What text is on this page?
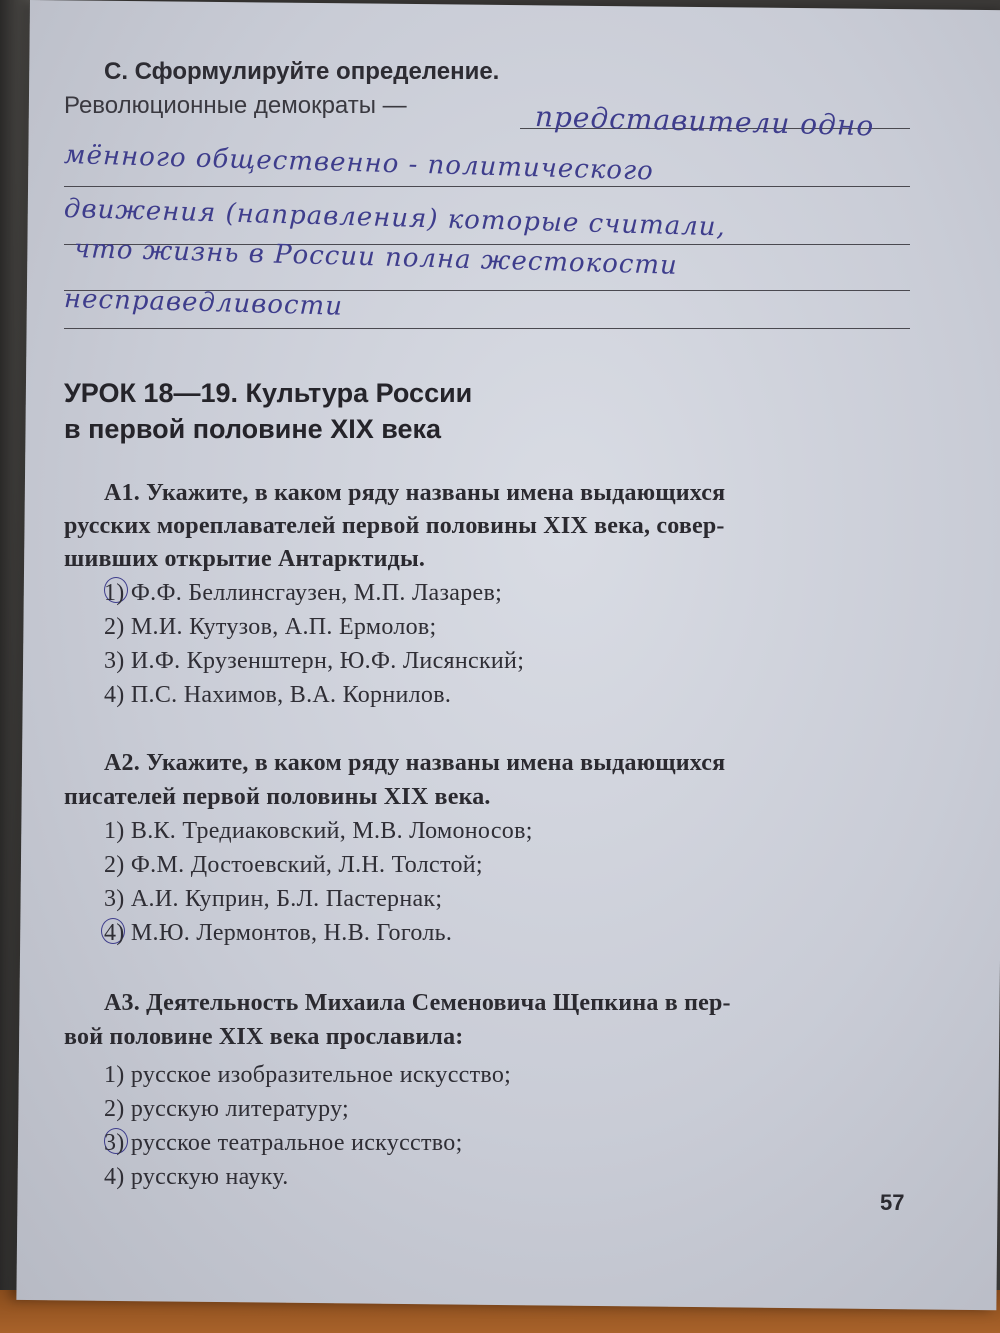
С. Сформулируйте определение.
Революционные демократы —	представители одно
мённого общественно - политического
движения (направления) которые считали,
что жизнь в России полна жестокости
несправедливости
УРОК 18—19. Культура России
в первой половине XIX века
А1. Укажите, в каком ряду названы имена выдающихся
русских мореплавателей первой половины XIX века, совер-
шивших открытие Антарктиды.
1) Ф.Ф. Беллинсгаузен, М.П. Лазарев;
2) М.И. Кутузов, А.П. Ермолов;
3) И.Ф. Крузенштерн, Ю.Ф. Лисянский;
4) П.С. Нахимов, В.А. Корнилов.
А2. Укажите, в каком ряду названы имена выдающихся
писателей первой половины XIX века.
1) В.К. Тредиаковский, М.В. Ломоносов;
2) Ф.М. Достоевский, Л.Н. Толстой;
3) А.И. Куприн, Б.Л. Пастернак;
4) М.Ю. Лермонтов, Н.В. Гоголь.
А3. Деятельность Михаила Семеновича Щепкина в пер-
вой половине XIX века прославила:
1) русское изобразительное искусство;
2) русскую литературу;
3) русское театральное искусство;
4) русскую науку.
57
